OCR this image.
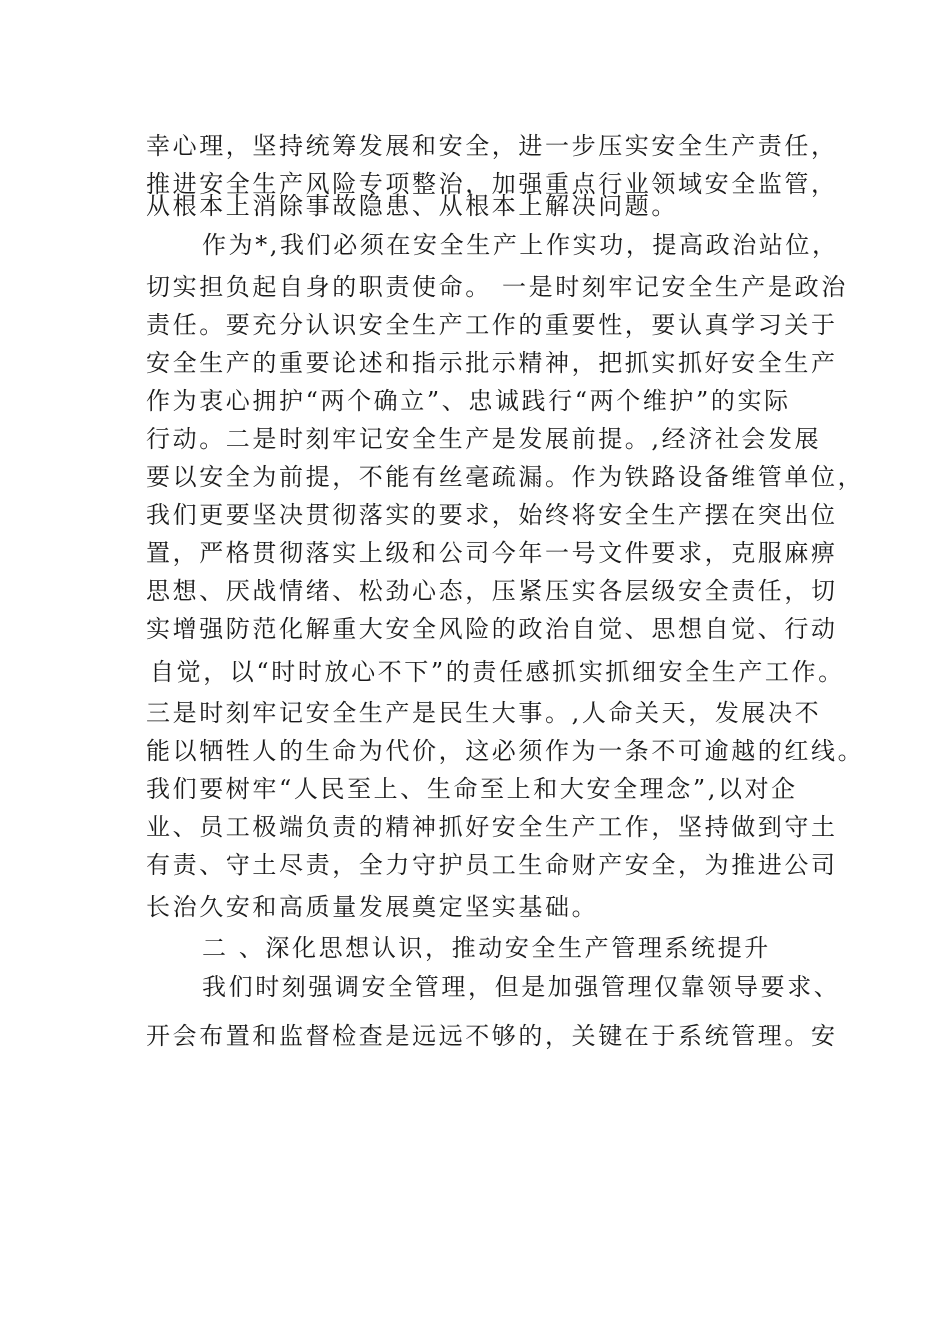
幸心理，坚持统筹发展和安全，进一步压实安全生产责任，
推进安全生产风险专项整治，加强重点行业领域安全监管，
从根本上消除事故隐患、从根本上解决问题。
作为*,我们必须在安全生产上作实功，提高政治站位，
切实担负起自身的职责使命。 一是时刻牢记安全生产是政治
责任。要充分认识安全生产工作的重要性，要认真学习关于
安全生产的重要论述和指示批示精神，把抓实抓好安全生产
作为衷心拥护“两个确立”、忠诚践行“两个维护”的实际
行动。二是时刻牢记安全生产是发展前提。,经济社会发展
要以安全为前提，不能有丝毫疏漏。作为铁路设备维管单位，
我们更要坚决贯彻落实的要求，始终将安全生产摆在突出位
置，严格贯彻落实上级和公司今年一号文件要求，克服麻痹
思想、厌战情绪、松劲心态，压紧压实各层级安全责任，切
实增强防范化解重大安全风险的政治自觉、思想自觉、行动
自觉，以“时时放心不下”的责任感抓实抓细安全生产工作。
三是时刻牢记安全生产是民生大事。,人命关天，发展决不
能以牺牲人的生命为代价，这必须作为一条不可逾越的红线。
我们要树牢“人民至上、生命至上和大安全理念”,以对企
业、员工极端负责的精神抓好安全生产工作，坚持做到守土
有责、守土尽责，全力守护员工生命财产安全，为推进公司
长治久安和高质量发展奠定坚实基础。
二 、深化思想认识，推动安全生产管理系统提升
我们时刻强调安全管理，但是加强管理仅靠领导要求、
开会布置和监督检查是远远不够的，关键在于系统管理。安
